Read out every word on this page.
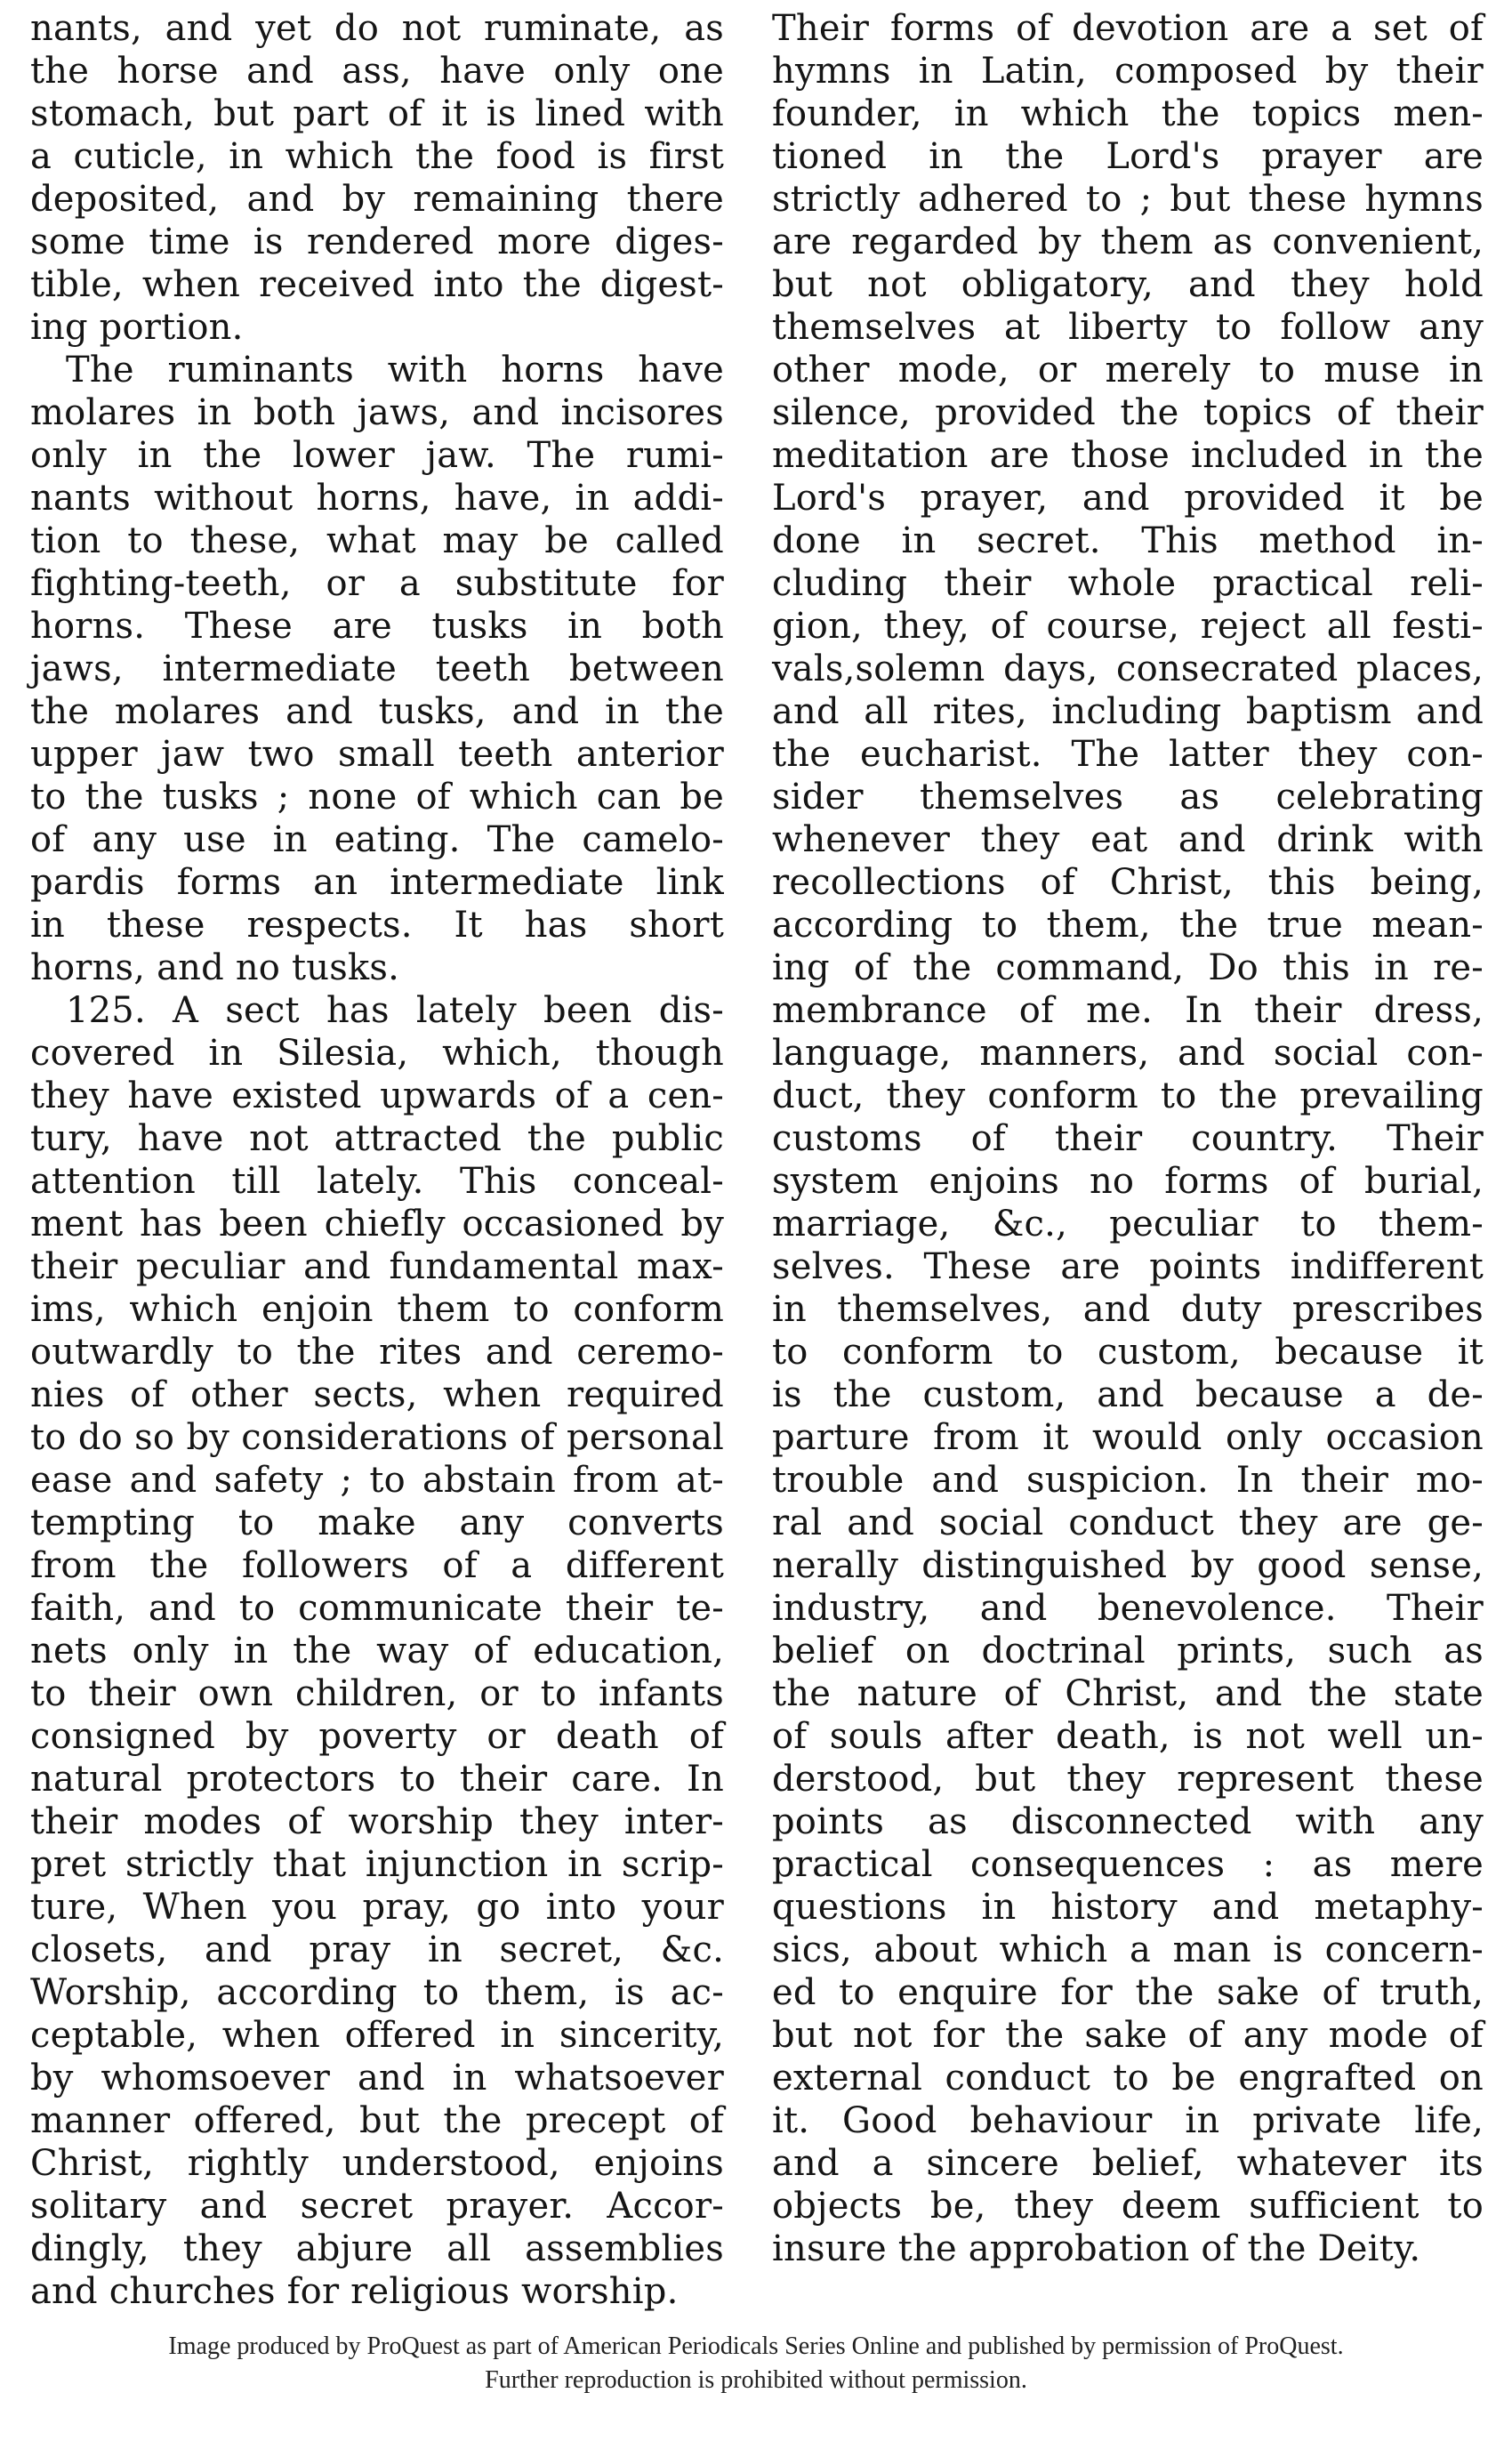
nants, and yet do not ruminate, as
the horse and ass, have only one
stomach, but part of it is lined with
a cuticle, in which the food is first
deposited, and by remaining there
some time is rendered more diges-
tible, when received into the digest-
ing portion.
The ruminants with horns have
molares in both jaws, and incisores
only in the lower jaw. The rumi-
nants without horns, have, in addi-
tion to these, what may be called
fighting-teeth, or a substitute for
horns. These are tusks in both
jaws, intermediate teeth between
the molares and tusks, and in the
upper jaw two small teeth anterior
to the tusks ; none of which can be
of any use in eating. The camelo-
pardis forms an intermediate link
in these respects. It has short
horns, and no tusks.
125. A sect has lately been dis-
covered in Silesia, which, though
they have existed upwards of a cen-
tury, have not attracted the public
attention till lately. This conceal-
ment has been chiefly occasioned by
their peculiar and fundamental max-
ims, which enjoin them to conform
outwardly to the rites and ceremo-
nies of other sects, when required
to do so by considerations of personal
ease and safety ; to abstain from at-
tempting to make any converts
from the followers of a different
faith, and to communicate their te-
nets only in the way of education,
to their own children, or to infants
consigned by poverty or death of
natural protectors to their care. In
their modes of worship they inter-
pret strictly that injunction in scrip-
ture, When you pray, go into your
closets, and pray in secret, &c.
Worship, according to them, is ac-
ceptable, when offered in sincerity,
by whomsoever and in whatsoever
manner offered, but the precept of
Christ, rightly understood, enjoins
solitary and secret prayer. Accor-
dingly, they abjure all assemblies
and churches for religious worship.
Their forms of devotion are a set of
hymns in Latin, composed by their
founder, in which the topics men-
tioned in the Lord's prayer are
strictly adhered to ; but these hymns
are regarded by them as convenient,
but not obligatory, and they hold
themselves at liberty to follow any
other mode, or merely to muse in
silence, provided the topics of their
meditation are those included in the
Lord's prayer, and provided it be
done in secret. This method in-
cluding their whole practical reli-
gion, they, of course, reject all festi-
vals,solemn days, consecrated places,
and all rites, including baptism and
the eucharist. The latter they con-
sider themselves as celebrating
whenever they eat and drink with
recollections of Christ, this being,
according to them, the true mean-
ing of the command, Do this in re-
membrance of me. In their dress,
language, manners, and social con-
duct, they conform to the prevailing
customs of their country. Their
system enjoins no forms of burial,
marriage, &c., peculiar to them-
selves. These are points indifferent
in themselves, and duty prescribes
to conform to custom, because it
is the custom, and because a de-
parture from it would only occasion
trouble and suspicion. In their mo-
ral and social conduct they are ge-
nerally distinguished by good sense,
industry, and benevolence. Their
belief on doctrinal prints, such as
the nature of Christ, and the state
of souls after death, is not well un-
derstood, but they represent these
points as disconnected with any
practical consequences : as mere
questions in history and metaphy-
sics, about which a man is concern-
ed to enquire for the sake of truth,
but not for the sake of any mode of
external conduct to be engrafted on
it. Good behaviour in private life,
and a sincere belief, whatever its
objects be, they deem sufficient to
insure the approbation of the Deity.
Image produced by ProQuest as part of American Periodicals Series Online and published by permission of ProQuest.
Further reproduction is prohibited without permission.
